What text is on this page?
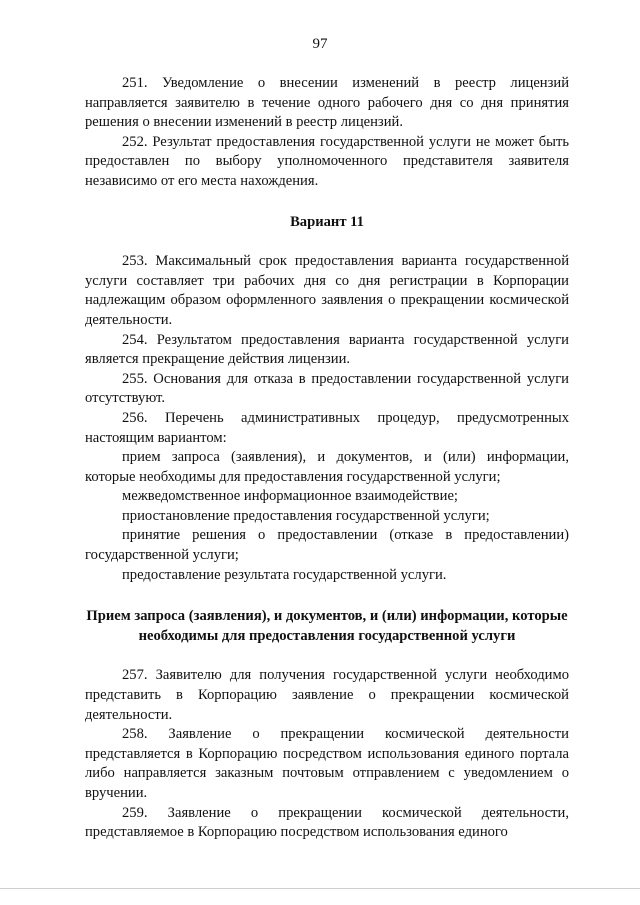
97

251. Уведомление о внесении изменений в реестр лицензий направляется заявителю в течение одного рабочего дня со дня принятия решения о внесении изменений в реестр лицензий.

252. Результат предоставления государственной услуги не может быть предоставлен по выбору уполномоченного представителя заявителя независимо от его места нахождения.

Вариант 11

253. Максимальный срок предоставления варианта государственной услуги составляет три рабочих дня со дня регистрации в Корпорации надлежащим образом оформленного заявления о прекращении космической деятельности.

254. Результатом предоставления варианта государственной услуги является прекращение действия лицензии.

255. Основания для отказа в предоставлении государственной услуги отсутствуют.

256. Перечень административных процедур, предусмотренных настоящим вариантом:

прием запроса (заявления), и документов, и (или) информации, которые необходимы для предоставления государственной услуги;

межведомственное информационное взаимодействие;

приостановление предоставления государственной услуги;

принятие решения о предоставлении (отказе в предоставлении) государственной услуги;

предоставление результата государственной услуги.

Прием запроса (заявления), и документов, и (или) информации, которые необходимы для предоставления государственной услуги

257. Заявителю для получения государственной услуги необходимо представить в Корпорацию заявление о прекращении космической деятельности.

258. Заявление о прекращении космической деятельности представляется в Корпорацию посредством использования единого портала либо направляется заказным почтовым отправлением с уведомлением о вручении.

259. Заявление о прекращении космической деятельности, представляемое в Корпорацию посредством использования единого
